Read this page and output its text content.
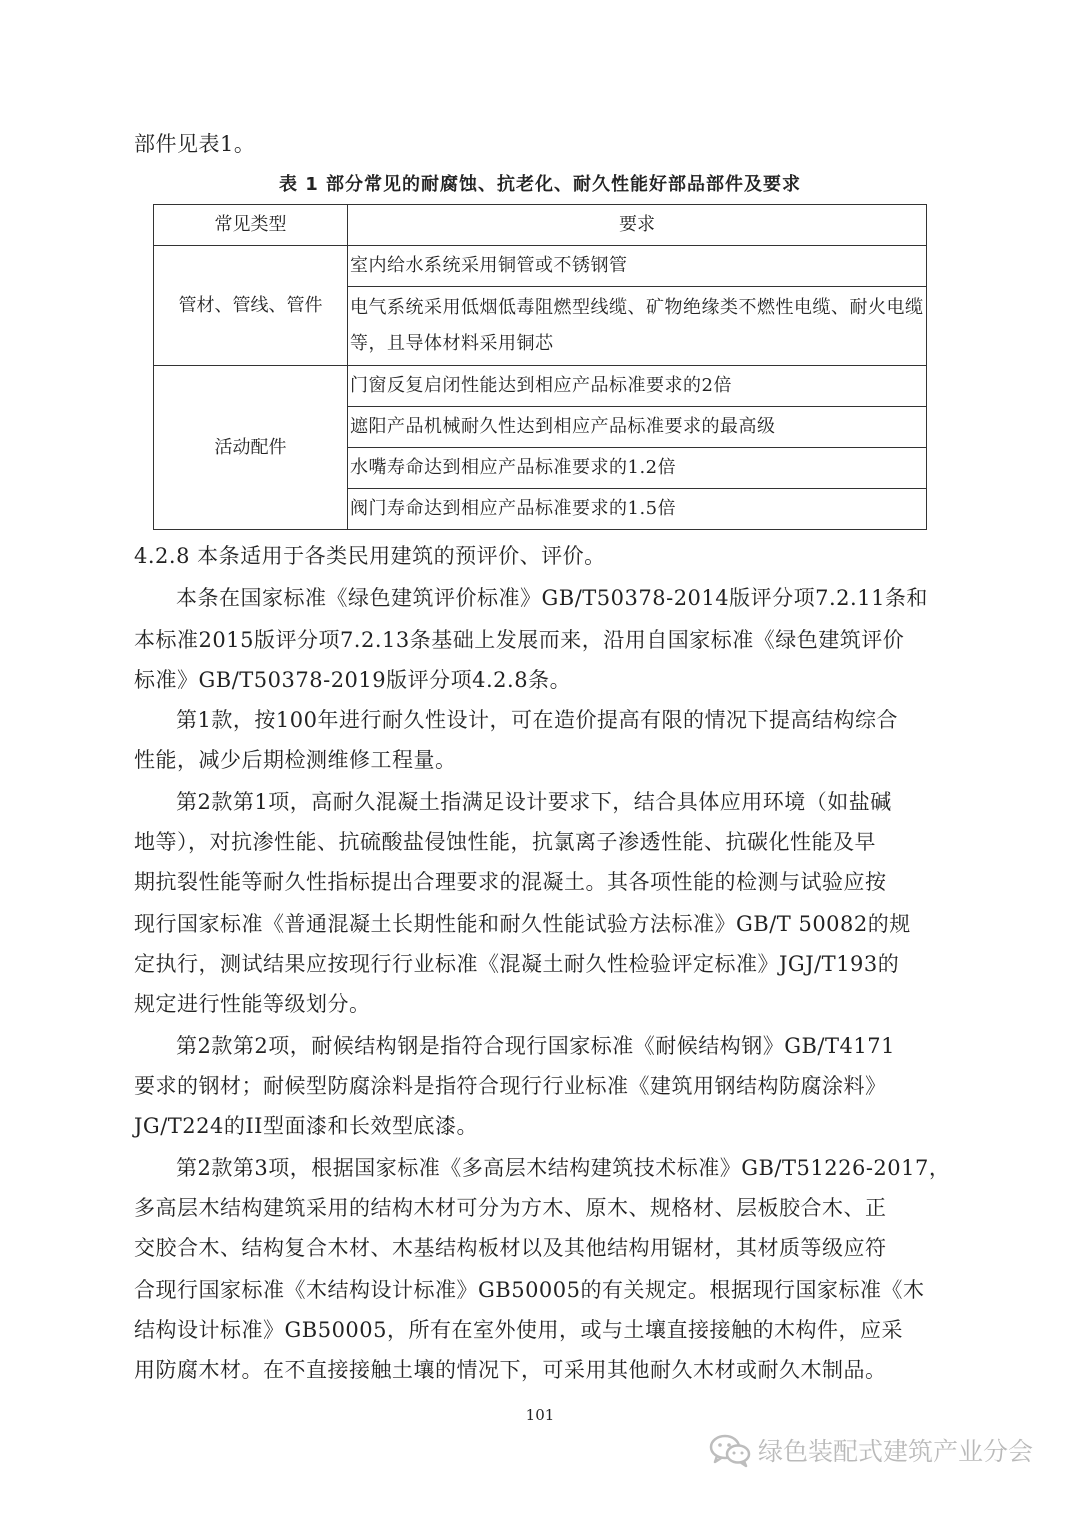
部件见表1。
表 1 部分常见的耐腐蚀、抗老化、耐久性能好部品部件及要求
常见类型	要求
管材、管线、管件	室内给水系统采用铜管或不锈钢管
	电气系统采用低烟低毒阻燃型线缆、矿物绝缘类不燃性电缆、耐火电缆等，且导体材料采用铜芯
活动配件	门窗反复启闭性能达到相应产品标准要求的2倍
	遮阳产品机械耐久性达到相应产品标准要求的最高级
	水嘴寿命达到相应产品标准要求的1.2倍
	阀门寿命达到相应产品标准要求的1.5倍
4.2.8 本条适用于各类民用建筑的预评价、评价。
本条在国家标准《绿色建筑评价标准》GB/T50378-2014版评分项7.2.11条和
本标准2015版评分项7.2.13条基础上发展而来，沿用自国家标准《绿色建筑评价
标准》GB/T50378-2019版评分项4.2.8条。
第1款，按100年进行耐久性设计，可在造价提高有限的情况下提高结构综合
性能，减少后期检测维修工程量。
第2款第1项，高耐久混凝土指满足设计要求下，结合具体应用环境（如盐碱
地等），对抗渗性能、抗硫酸盐侵蚀性能，抗氯离子渗透性能、抗碳化性能及早
期抗裂性能等耐久性指标提出合理要求的混凝土。其各项性能的检测与试验应按
现行国家标准《普通混凝土长期性能和耐久性能试验方法标准》GB/T 50082的规
定执行，测试结果应按现行行业标准《混凝土耐久性检验评定标准》JGJ/T193的
规定进行性能等级划分。
第2款第2项，耐候结构钢是指符合现行国家标准《耐候结构钢》GB/T4171
要求的钢材；耐候型防腐涂料是指符合现行行业标准《建筑用钢结构防腐涂料》
JG/T224的II型面漆和长效型底漆。
第2款第3项，根据国家标准《多高层木结构建筑技术标准》GB/T51226-2017，
多高层木结构建筑采用的结构木材可分为方木、原木、规格材、层板胶合木、正
交胶合木、结构复合木材、木基结构板材以及其他结构用锯材，其材质等级应符
合现行国家标准《木结构设计标准》GB50005的有关规定。根据现行国家标准《木
结构设计标准》GB50005，所有在室外使用，或与土壤直接接触的木构件，应采
用防腐木材。在不直接接触土壤的情况下，可采用其他耐久木材或耐久木制品。
101
绿色装配式建筑产业分会
